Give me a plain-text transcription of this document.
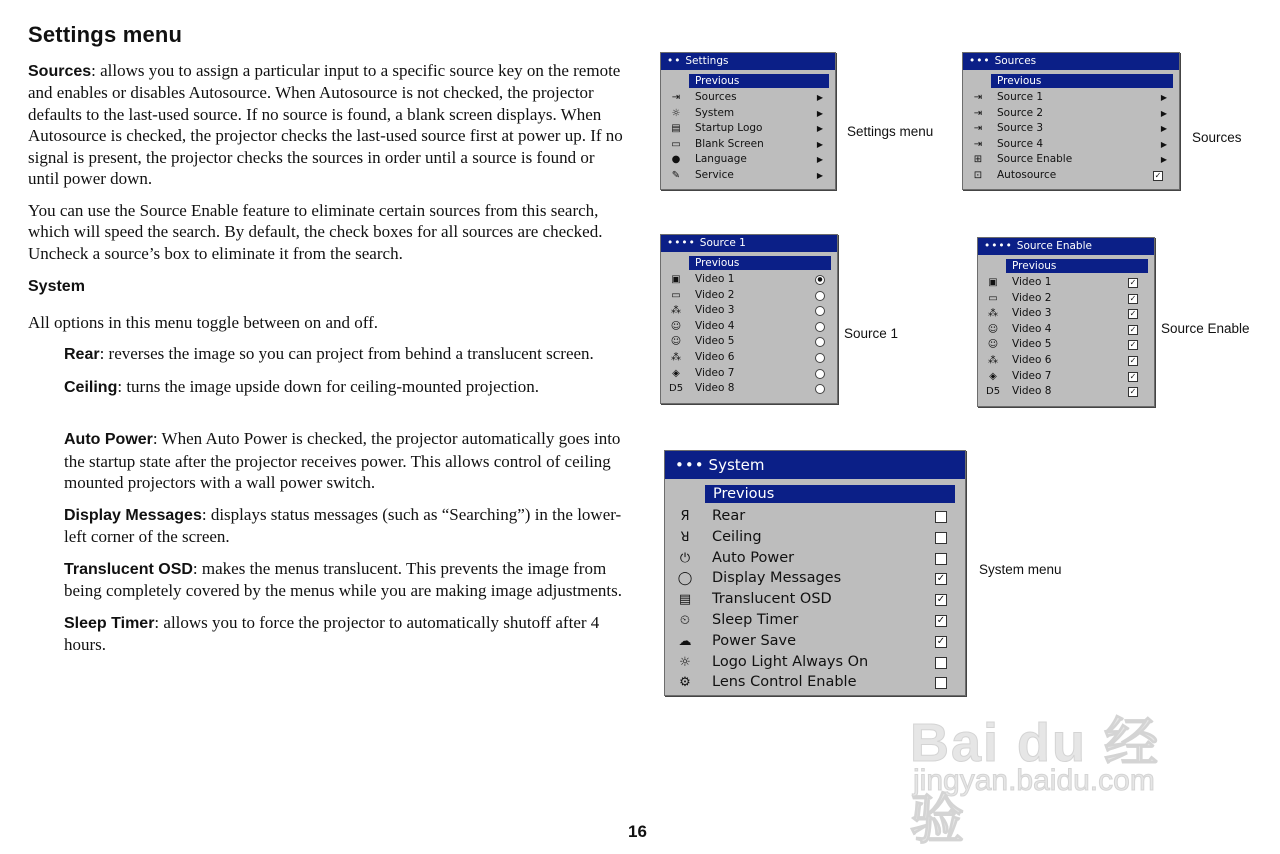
Settings menu
Sources: allows you to assign a particular input to a specific source key on the remote and enables or disables Autosource. When Autosource is not checked, the projector defaults to the last-used source. If no source is found, a blank screen displays. When Autosource is checked, the projector checks the last-used source first at power up. If no signal is present, the projector checks the sources in order until a source is found or until power down.
You can use the Source Enable feature to eliminate certain sources from this search, which will speed the search. By default, the check boxes for all sources are checked. Uncheck a source’s box to eliminate it from the search.
System
All options in this menu toggle between on and off.
Rear: reverses the image so you can project from behind a translucent screen.
Ceiling: turns the image upside down for ceiling-mounted projection.
Auto Power: When Auto Power is checked, the projector automatically goes into the startup state after the projector receives power. This allows control of ceiling mounted projectors with a wall power switch.
Display Messages: displays status messages (such as “Searching”) in the lower-left corner of the screen.
Translucent OSD: makes the menus translucent. This prevents the image from being completely covered by the menus while you are making image adjustments.
Sleep Timer: allows you to force the projector to automatically shutoff after 4 hours.
•• Settings
Previous
⇥ Sources	▶
☼ System	▶
▤ Startup Logo	▶
▭ Blank Screen	▶
● Language	▶
✎ Service	▶
Settings menu
••• Sources
Previous
⇥ Source 1	▶
⇥ Source 2	▶
⇥ Source 3	▶
⇥ Source 4	▶
⊞ Source Enable	▶
⊡ Autosource	✓
Sources
•••• Source 1
Previous
▣ Video 1	●
▭ Video 2
⁂ Video 3
☺ Video 4
☺ Video 5
⁂ Video 6
◈	Video 7
D5 Video 8
Source 1
•••• Source Enable
Previous
▣ Video 1	✓
▭ Video 2	✓
⁂ Video 3	✓
☺ Video 4	✓
☺ Video 5	✓
⁂ Video 6	✓
◈	Video 7	✓
D5 Video 8	✓
Source Enable
••• System
Previous
Я	Rear
ꓤ	Ceiling
⏻	Auto Power
◯ Display Messages	✓
▤ Translucent OSD	✓
⏲	Sleep Timer	✓
☁ Power Save	✓
☼ Logo Light Always On
⚙ Lens Control Enable
System menu
Bai du 经验
jingyan.baidu.com
16
